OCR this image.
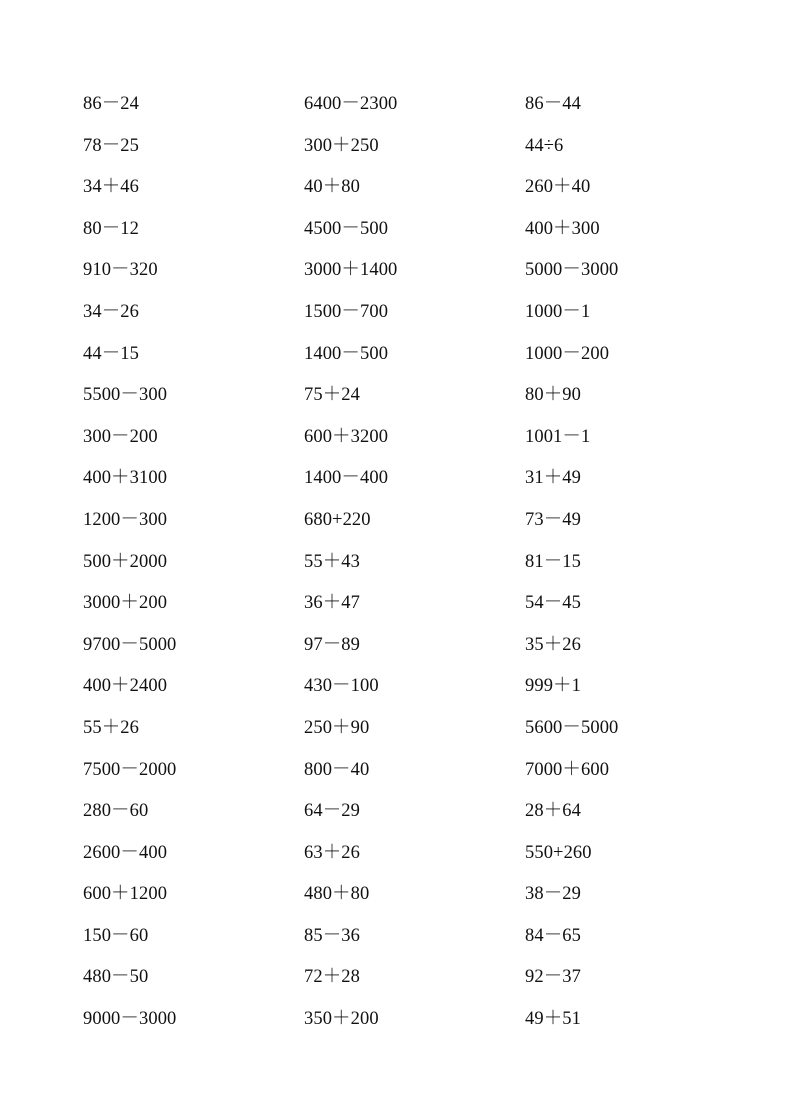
86－24	6400－2300	86－44
78－25	300＋250	44÷6
34＋46	40＋80	260＋40
80－12	4500－500	400＋300
910－320	3000＋1400	5000－3000
34－26	1500－700	1000－1
44－15	1400－500	1000－200
5500－300	75＋24	80＋90
300－200	600＋3200	1001－1
400＋3100	1400－400	31＋49
1200－300	680+220	73－49
500＋2000	55＋43	81－15
3000＋200	36＋47	54－45
9700－5000	97－89	35＋26
400＋2400	430－100	999＋1
55＋26	250＋90	5600－5000
7500－2000	800－40	7000＋600
280－60	64－29	28＋64
2600－400	63＋26	550+260
600＋1200	480＋80	38－29
150－60	85－36	84－65
480－50	72＋28	92－37
9000－3000	350＋200	49＋51
